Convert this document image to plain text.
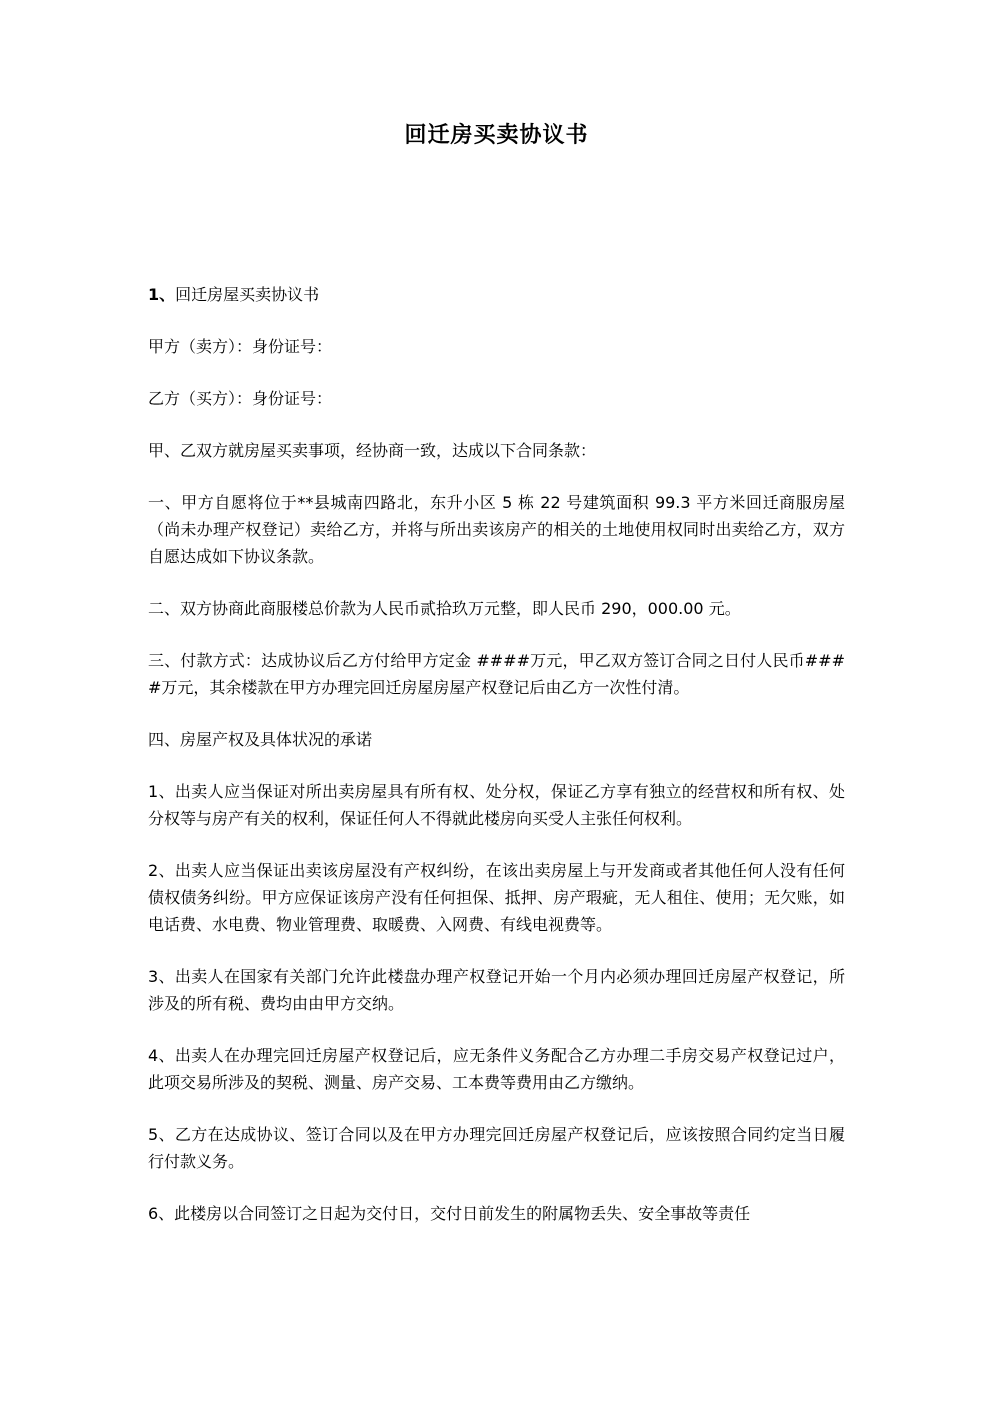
回迁房买卖协议书

1、回迁房屋买卖协议书

甲方（卖方）：身份证号：

乙方（买方）：身份证号：

甲、乙双方就房屋买卖事项，经协商一致，达成以下合同条款：

一、甲方自愿将位于**县城南四路北，东升小区 5 栋 22 号建筑面积 99.3 平方米回迁商服房屋（尚未办理产权登记）卖给乙方，并将与所出卖该房产的相关的土地使用权同时出卖给乙方，双方自愿达成如下协议条款。

二、双方协商此商服楼总价款为人民币贰拾玖万元整，即人民币 290，000.00 元。

三、付款方式：达成协议后乙方付给甲方定金 ####万元，甲乙双方签订合同之日付人民币####万元，其余楼款在甲方办理完回迁房屋房屋产权登记后由乙方一次性付清。

四、房屋产权及具体状况的承诺

1、出卖人应当保证对所出卖房屋具有所有权、处分权，保证乙方享有独立的经营权和所有权、处分权等与房产有关的权利，保证任何人不得就此楼房向买受人主张任何权利。

2、出卖人应当保证出卖该房屋没有产权纠纷，在该出卖房屋上与开发商或者其他任何人没有任何债权债务纠纷。甲方应保证该房产没有任何担保、抵押、房产瑕疵，无人租住、使用；无欠账，如电话费、水电费、物业管理费、取暖费、入网费、有线电视费等。

3、出卖人在国家有关部门允许此楼盘办理产权登记开始一个月内必须办理回迁房屋产权登记，所涉及的所有税、费均由由甲方交纳。

4、出卖人在办理完回迁房屋产权登记后，应无条件义务配合乙方办理二手房交易产权登记过户，此项交易所涉及的契税、测量、房产交易、工本费等费用由乙方缴纳。

5、乙方在达成协议、签订合同以及在甲方办理完回迁房屋产权登记后，应该按照合同约定当日履行付款义务。

6、此楼房以合同签订之日起为交付日，交付日前发生的附属物丢失、安全事故等责任
